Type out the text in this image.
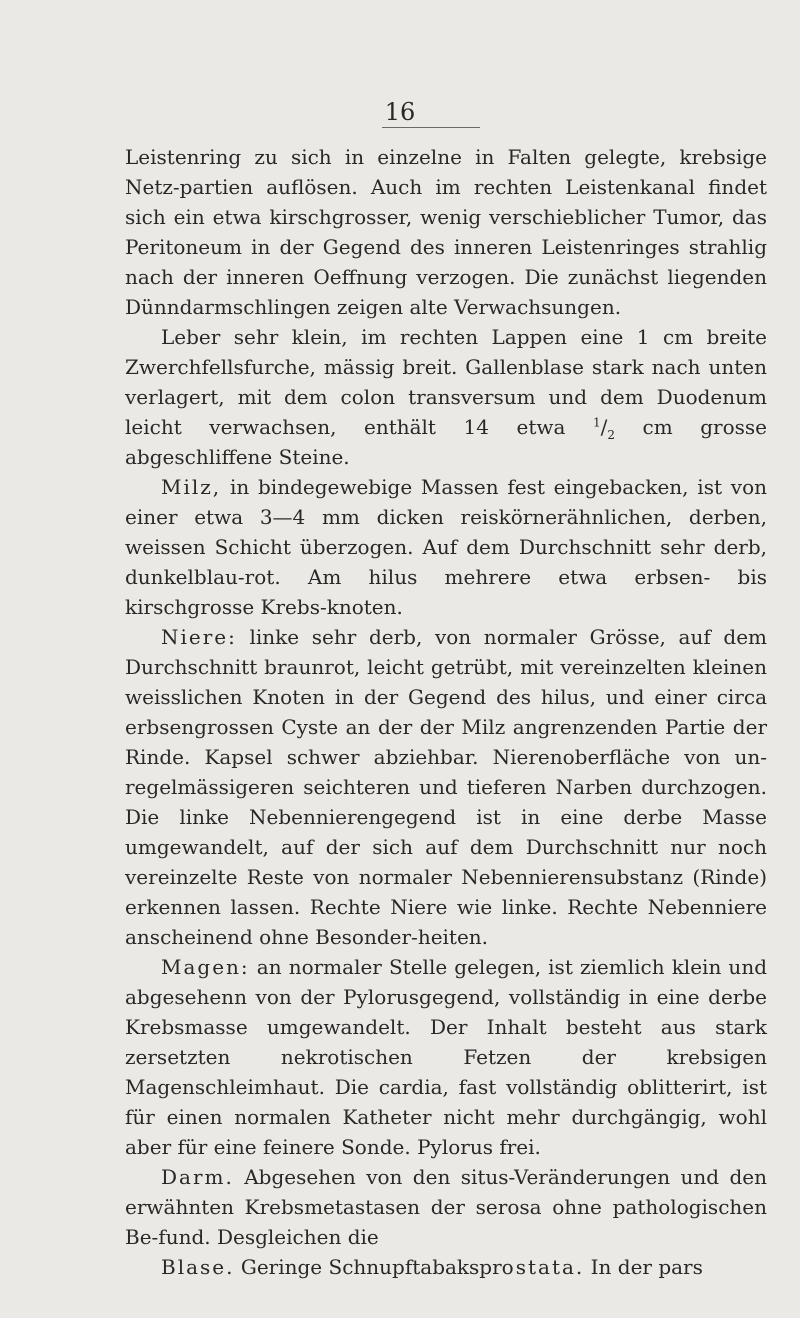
16

Leistenring zu sich in einzelne in Falten gelegte, krebsige Netz-partien auflösen. Auch im rechten Leistenkanal findet sich ein etwa kirschgrosser, wenig verschieblicher Tumor, das Peritoneum in der Gegend des inneren Leistenringes strahlig nach der inneren Oeffnung verzogen. Die zunächst liegenden Dünndarmschlingen zeigen alte Verwachsungen.

Leber sehr klein, im rechten Lappen eine 1 cm breite Zwerchfellsfurche, mässig breit. Gallenblase stark nach unten verlagert, mit dem colon transversum und dem Duodenum leicht verwachsen, enthält 14 etwa $^1/_2$ cm grosse abgeschliffene Steine.

Milz, in bindegewebige Massen fest eingebacken, ist von einer etwa 3—4 mm dicken reiskörnerähnlichen, derben, weissen Schicht überzogen. Auf dem Durchschnitt sehr derb, dunkelblau-rot. Am hilus mehrere etwa erbsen- bis kirschgrosse Krebs-knoten.

Niere: linke sehr derb, von normaler Grösse, auf dem Durchschnitt braunrot, leicht getrübt, mit vereinzelten kleinen weisslichen Knoten in der Gegend des hilus, und einer circa erbsengrossen Cyste an der der Milz angrenzenden Partie der Rinde. Kapsel schwer abziehbar. Nierenoberfläche von un-regelmässigeren seichteren und tieferen Narben durchzogen. Die linke Nebennierengegend ist in eine derbe Masse umgewandelt, auf der sich auf dem Durchschnitt nur noch vereinzelte Reste von normaler Nebennierensubstanz (Rinde) erkennen lassen. Rechte Niere wie linke. Rechte Nebenniere anscheinend ohne Besonder-heiten.

Magen: an normaler Stelle gelegen, ist ziemlich klein und abgesehenn von der Pylorusgegend, vollständig in eine derbe Krebsmasse umgewandelt. Der Inhalt besteht aus stark zersetzten nekrotischen Fetzen der krebsigen Magenschleimhaut. Die cardia, fast vollständig oblitterirt, ist für einen normalen Katheter nicht mehr durchgängig, wohl aber für eine feinere Sonde. Pylorus frei.

Darm. Abgesehen von den situs-Veränderungen und den erwähnten Krebsmetastasen der serosa ohne pathologischen Be-fund. Desgleichen die

Blase. Geringe Schnupftabaksprostata. In der pars
